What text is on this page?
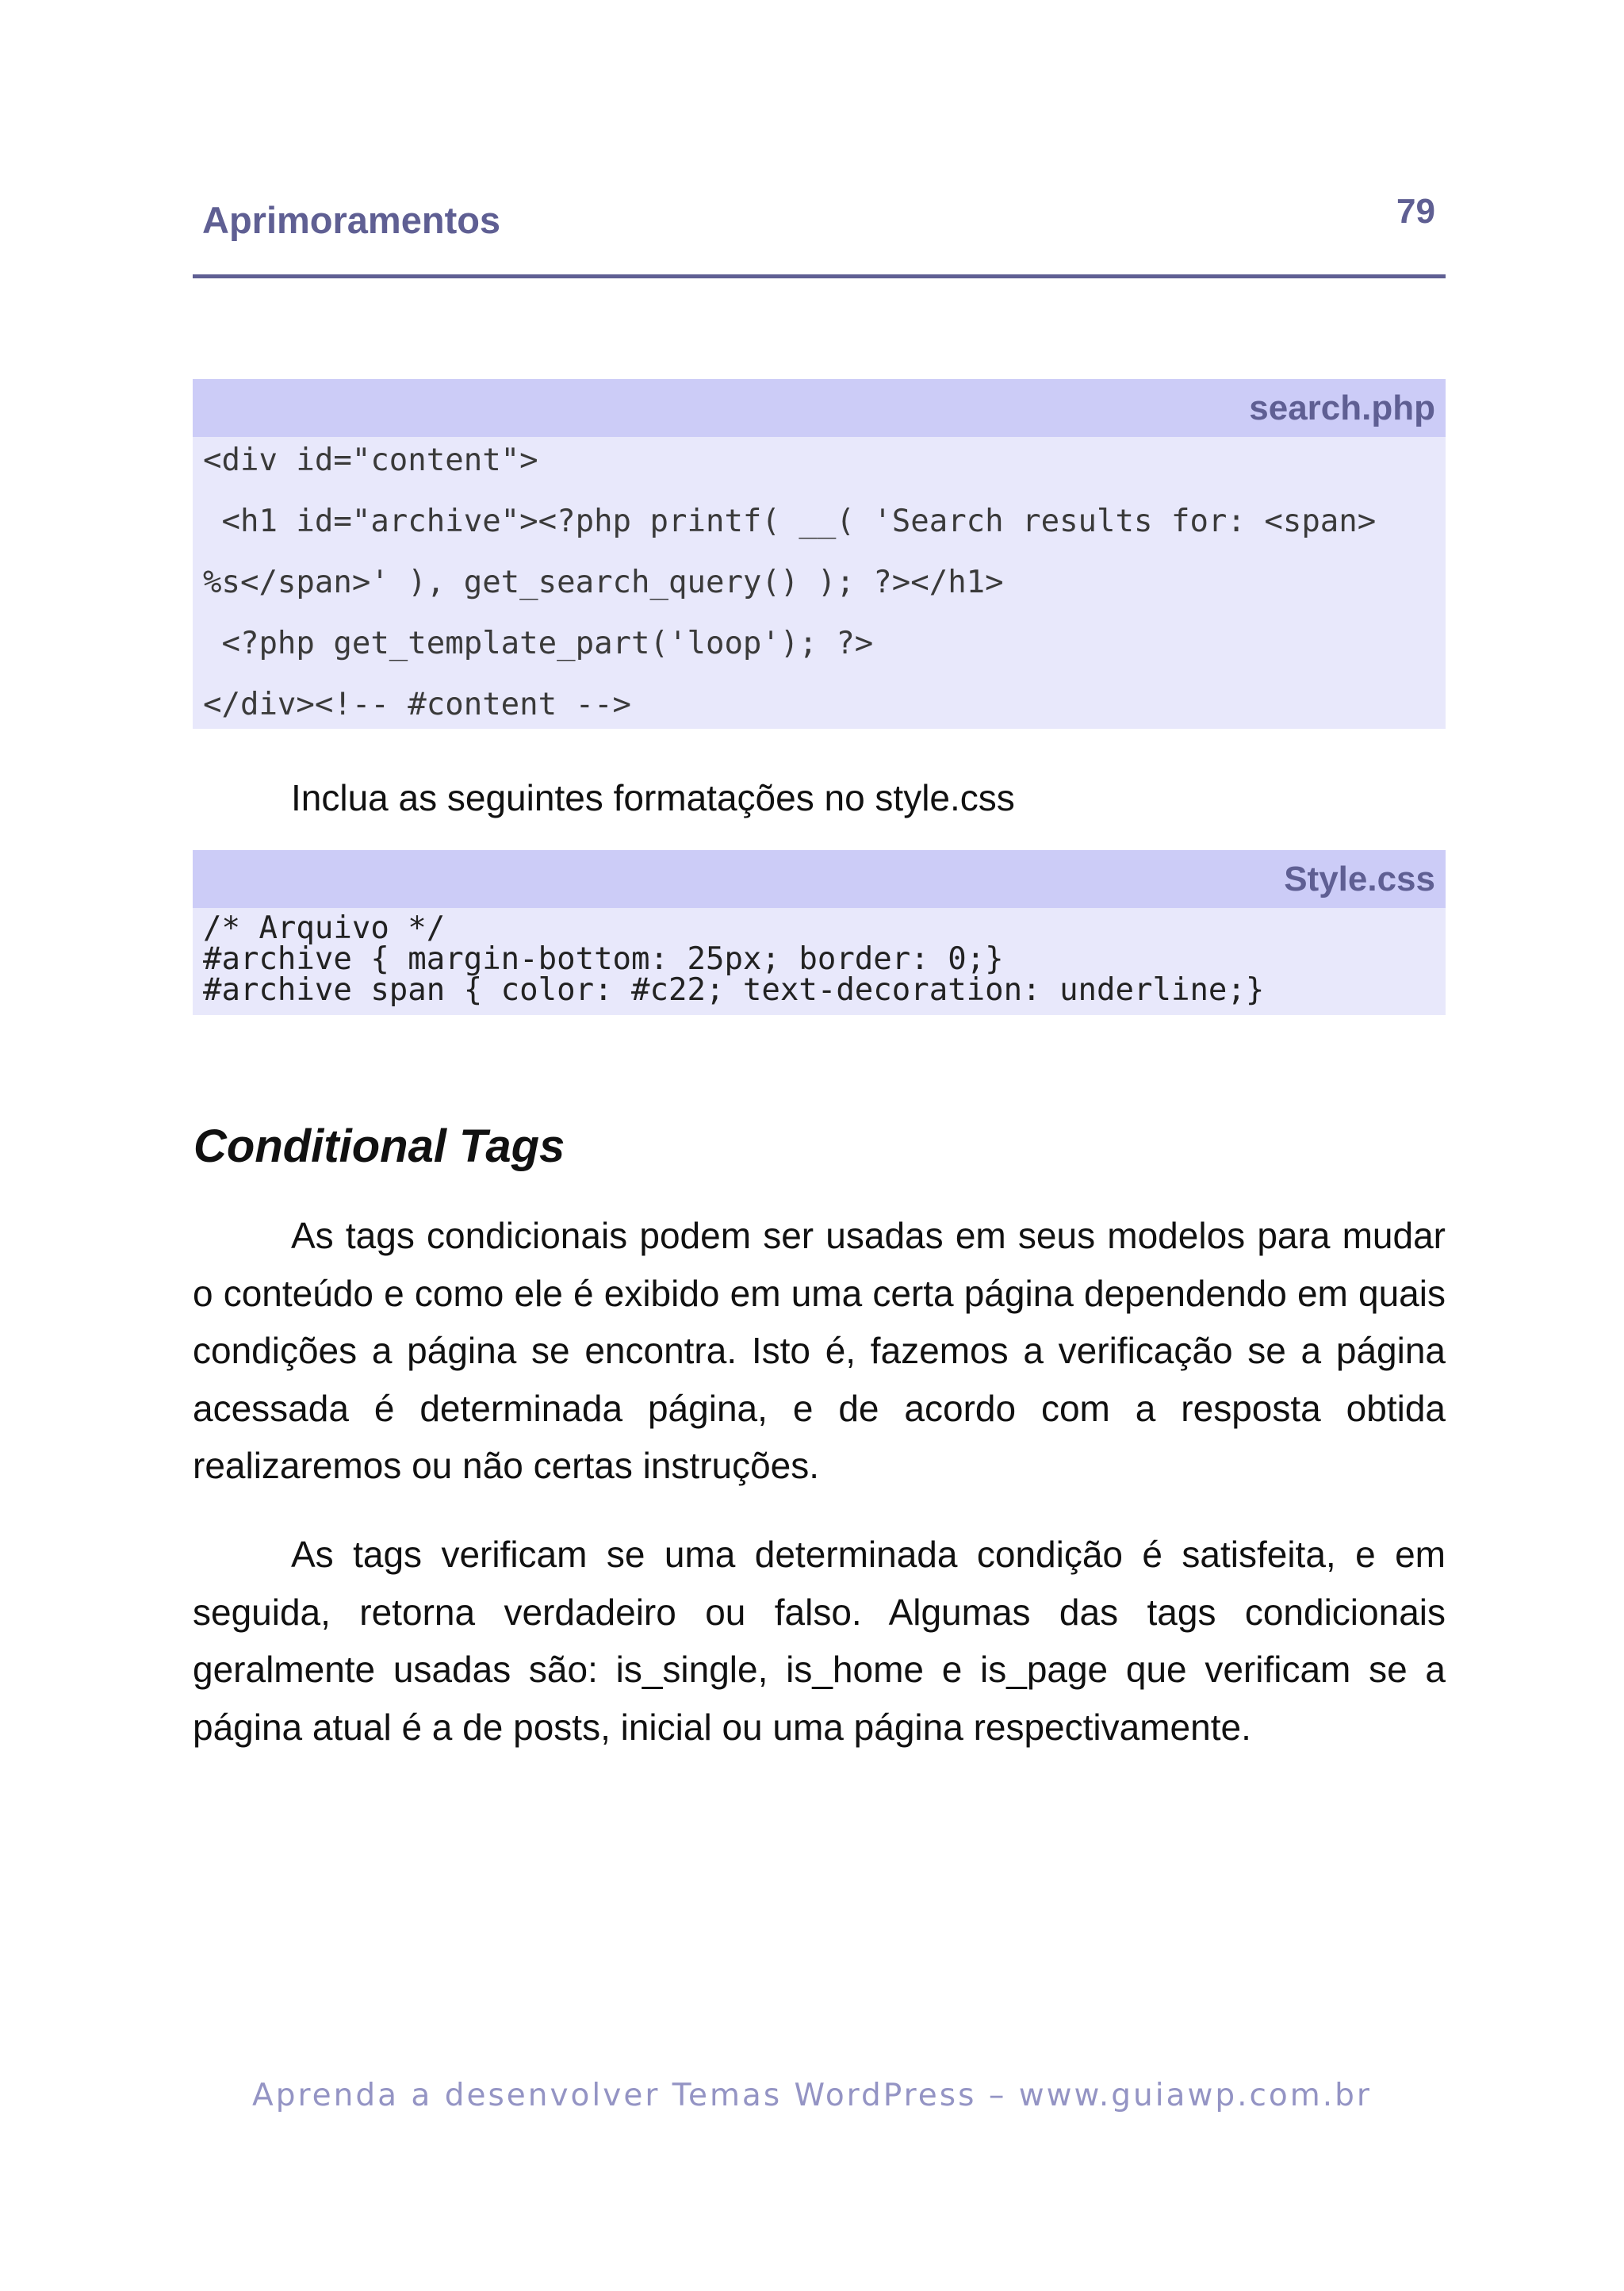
Aprimoramentos	79
search.php
<div id="content">
<h1 id="archive"><?php printf( __( 'Search results for: <span>
%s</span>' ), get_search_query() ); ?></h1>
<?php get_template_part('loop'); ?>
</div><!-- #content -->

Inclua as seguintes formatações no style.css

Style.css
/* Arquivo */
#archive { margin-bottom: 25px; border: 0;}
#archive span { color: #c22; text-decoration: underline;}
Conditional Tags

As tags condicionais podem ser usadas em seus modelos para mudar o conteúdo e como ele é exibido em uma certa página dependendo em quais condições a página se encontra. Isto é, fazemos a verificação se a página acessada é determinada página, e de acordo com a resposta obtida realizaremos ou não certas instruções.

As tags verificam se uma determinada condição é satisfeita, e em seguida, retorna verdadeiro ou falso. Algumas das tags condicionais geralmente usadas são: is_single, is_home e is_page que verificam se a página atual é a de posts, inicial ou uma página respectivamente.

Aprenda a desenvolver Temas WordPress – www.guiawp.com.br
